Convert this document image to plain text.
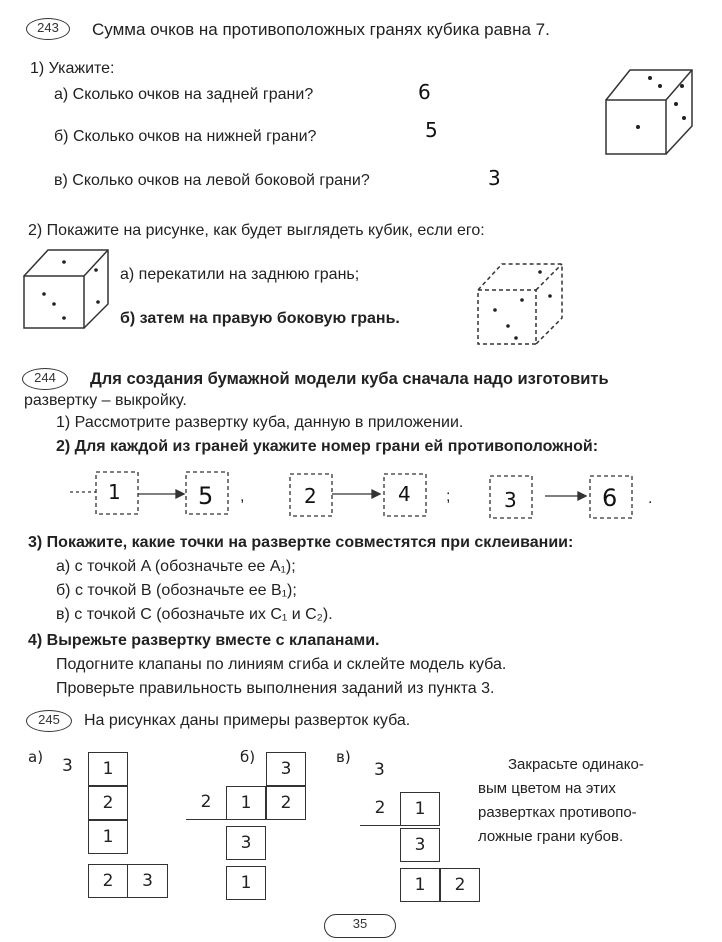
243	Сумма очков на противоположных гранях кубика равна 7.
1) Укажите:
а) Сколько очков на задней грани?	6
б) Сколько очков на нижней грани?	5
в) Сколько очков на левой боковой грани?	3
2) Покажите на рисунке, как будет выглядеть кубик, если его:
а) перекатили на заднюю грань;
б) затем на правую боковую грань.
244	Для создания бумажной модели куба сначала надо изготовить
развертку – выкройку.
1) Рассмотрите развертку куба, данную в приложении.
2) Для каждой из граней укажите номер грани ей противоположной:
1	5 ,	2	4 ;	3	6 .
3) Покажите, какие точки на развертке совместятся при склеивании:
а) с точкой A (обозначьте ее A₁);
б) с точкой B (обозначьте ее B₁);
в) с точкой C (обозначьте их C₁ и C₂).
4) Вырежьте развертку вместе с клапанами.
Подогните клапаны по линиям сгиба и склейте модель куба.
Проверьте правильность выполнения заданий из пункта 3.
245	На рисунках даны примеры разверток куба.
а)	б)	в)
3	1
2
1
2	3
3
2	1	2
3
1
3
2	1
3
1	2
Закрасьте одинако-
вым цветом на этих
развертках противопо-
ложные грани кубов.
35
